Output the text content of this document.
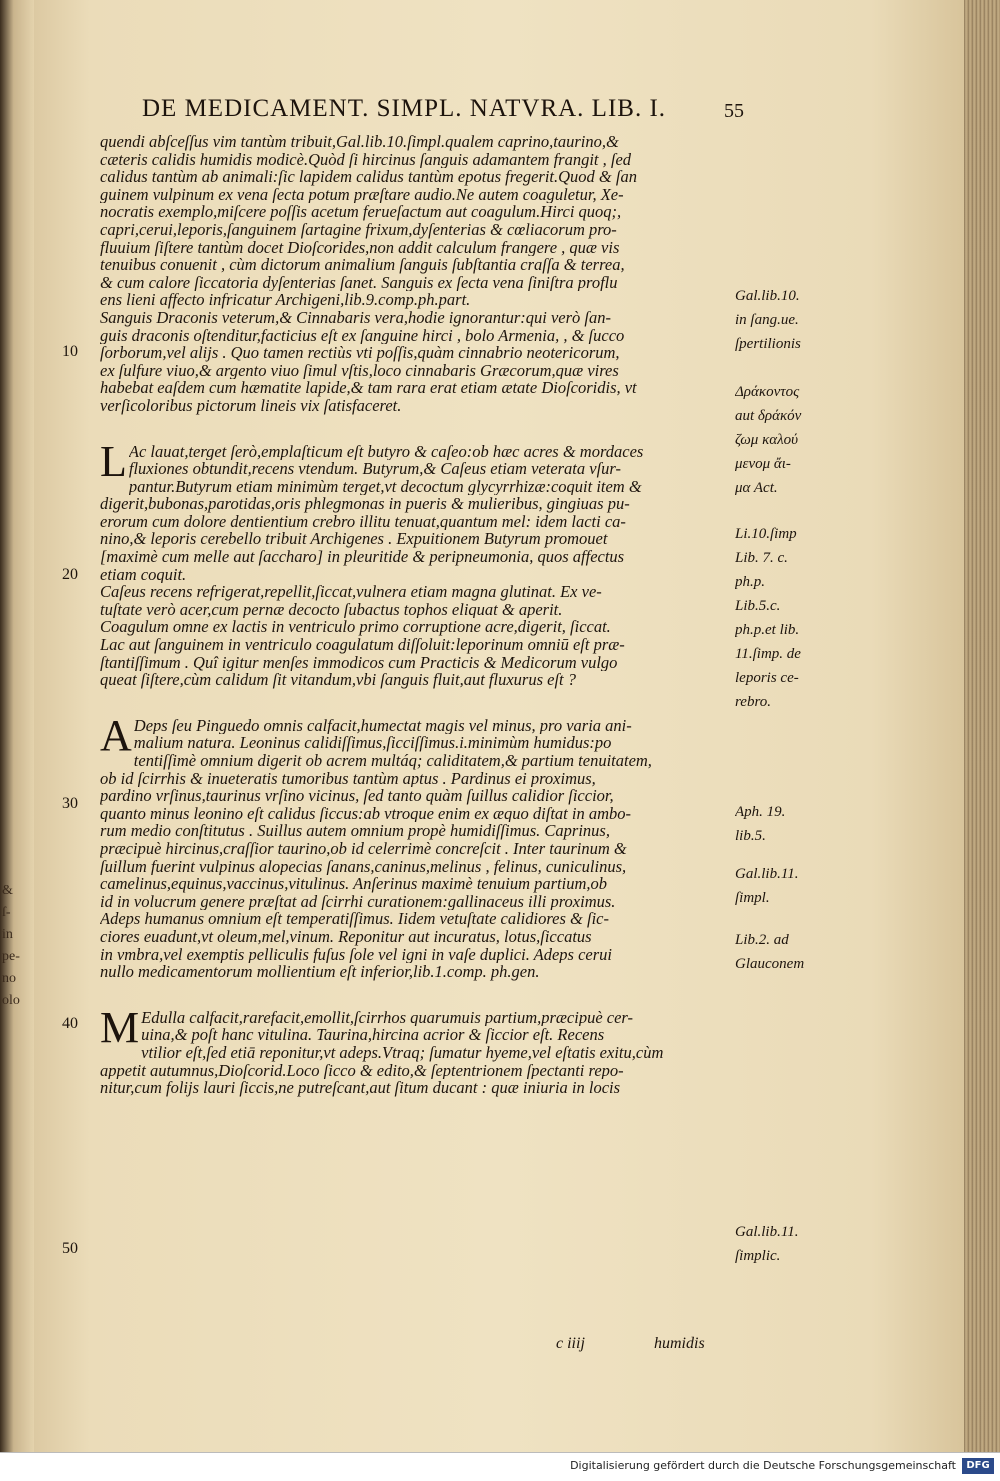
&
ſ-
in
pe-
no
olo
DE MEDICAMENT. SIMPL. NATVRA. LIB. I.	55
quendi abſceſſus vim tantùm tribuit,Gal.lib.10.ſimpl.qualem caprino,taurino,&
cæteris calidis humidis modicè.Quòd ſi hircinus ſanguis adamantem frangit , ſed
calidus tantùm ab animali:ſic lapidem calidus tantùm epotus fregerit.Quod & ſan
guinem vulpinum ex vena ſecta potum præſtare audio.Ne autem coaguletur, Xe-
nocratis exemplo,miſcere poſſis acetum ferueſactum aut coagulum.Hirci quoq;,
capri,cerui,leporis,ſanguinem ſartagine frixum,dyſenterias & cœliacorum pro-
fluuium ſiſtere tantùm docet Dioſcorides,non addit calculum frangere , quæ vis
tenuibus conuenit , cùm dictorum animalium ſanguis ſubſtantia craſſa & terrea,
& cum calore ſiccatoria dyſenterias ſanet. Sanguis ex ſecta vena ſiniſtra proflu
ens lieni affecto infricatur Archigeni,lib.9.comp.ph.part.
Sanguis Draconis veterum,& Cinnabaris vera,hodie ignorantur:qui verò ſan-
guis draconis oſtenditur,facticius eſt ex ſanguine hirci , bolo Armenia, , & ſucco
ſorborum,vel alijs . Quo tamen rectiùs vti poſſis,quàm cinnabrio neotericorum,
ex ſulfure viuo,& argento viuo ſimul vſtis,loco cinnabaris Græcorum,quæ vires
habebat eaſdem cum hæmatite lapide,& tam rara erat etiam ætate Dioſcoridis, vt
verſicoloribus pictorum lineis vix ſatisfaceret.
L Ac lauat,terget ſerò,emplaſticum eſt butyro & caſeo:ob hæc acres & mordaces
fluxiones obtundit,recens vtendum. Butyrum,& Caſeus etiam veterata vſur-
pantur.Butyrum etiam minimùm terget,vt decoctum glycyrrhizæ:coquit item &
digerit,bubonas,parotidas,oris phlegmonas in pueris & mulieribus, gingiuas pu-
erorum cum dolore dentientium crebro illitu tenuat,quantum mel: idem lacti ca-
nino,& leporis cerebello tribuit Archigenes . Expuitionem Butyrum promouet
[maximè cum melle aut ſaccharo] in pleuritide & peripneumonia, quos affectus
etiam coquit.
Caſeus recens refrigerat,repellit,ſiccat,vulnera etiam magna glutinat. Ex ve-
tuſtate verò acer,cum pernæ decocto ſubactus tophos eliquat & aperit.
Coagulum omne ex lactis in ventriculo primo corruptione acre,digerit, ſiccat.
Lac aut ſanguinem in ventriculo coagulatum diſſoluit:leporinum omniū eſt præ-
ſtantiſſimum . Quî igitur menſes immodicos cum Practicis & Medicorum vulgo
queat ſiſtere,cùm calidum ſit vitandum,vbi ſanguis fluit,aut fluxurus eſt ?
A Deps ſeu Pinguedo omnis calfacit,humectat magis vel minus, pro varia ani-
malium natura. Leoninus calidiſſimus,ſicciſſimus.i.minimùm humidus:po
tentiſſimè omnium digerit ob acrem multáq; caliditatem,& partium tenuitatem,
ob id ſcirrhis & inueteratis tumoribus tantùm aptus . Pardinus ei proximus,
pardino vrſinus,taurinus vrſino vicinus, ſed tanto quàm ſuillus calidior ſiccior,
quanto minus leonino eſt calidus ſiccus:ab vtroque enim ex æquo diſtat in ambo-
rum medio conſtitutus . Suillus autem omnium propè humidiſſimus. Caprinus,
præcipuè hircinus,craſſior taurino,ob id celerrimè concreſcit . Inter taurinum &
ſuillum fuerint vulpinus alopecias ſanans,caninus,melinus , felinus, cuniculinus,
camelinus,equinus,vaccinus,vitulinus. Anſerinus maximè tenuium partium,ob
id in volucrum genere præſtat ad ſcirrhi curationem:gallinaceus illi proximus.
Adeps humanus omnium eſt temperatiſſimus. Iidem vetuſtate calidiores & ſic-
ciores euadunt,vt oleum,mel,vinum. Reponitur aut incuratus, lotus,ſiccatus
in vmbra,vel exemptis pelliculis fuſus ſole vel igni in vaſe duplici. Adeps cerui
nullo medicamentorum mollientium eſt inferior,lib.1.comp. ph.gen.
M Edulla calfacit,rarefacit,emollit,ſcirrhos quarumuis partium,præcipuè cer-
uina,& poſt hanc vitulina. Taurina,hircina acrior & ſiccior eſt. Recens
vtilior eſt,ſed etiā reponitur,vt adeps.Vtraq; ſumatur hyeme,vel eſtatis exitu,cùm
appetit autumnus,Dioſcorid.Loco ſicco & edito,& ſeptentrionem ſpectanti repo-
nitur,cum folijs lauri ſiccis,ne putreſcant,aut ſitum ducant : quæ iniuria in locis
Gal.lib.10.
in ſang.ue.
ſpertilionis
Δράκοντος
aut δράκόν
ζωμ καλού
μενομ ἄι-
μα Αct.
Li.10.ſimp
Lib. 7. c.
ph.p.
Lib.5.c.
ph.p.et lib.
11.ſimp. de
leporis ce-
rebro.
Aph. 19.
lib.5.
Gal.lib.11.
ſimpl.
Lib.2. ad
Glauconem
Gal.lib.11.
ſimplic.
10
20
30
40
50
c iiij	humidis
Digitalisierung gefördert durch die Deutsche Forschungsgemeinschaft	DFG
